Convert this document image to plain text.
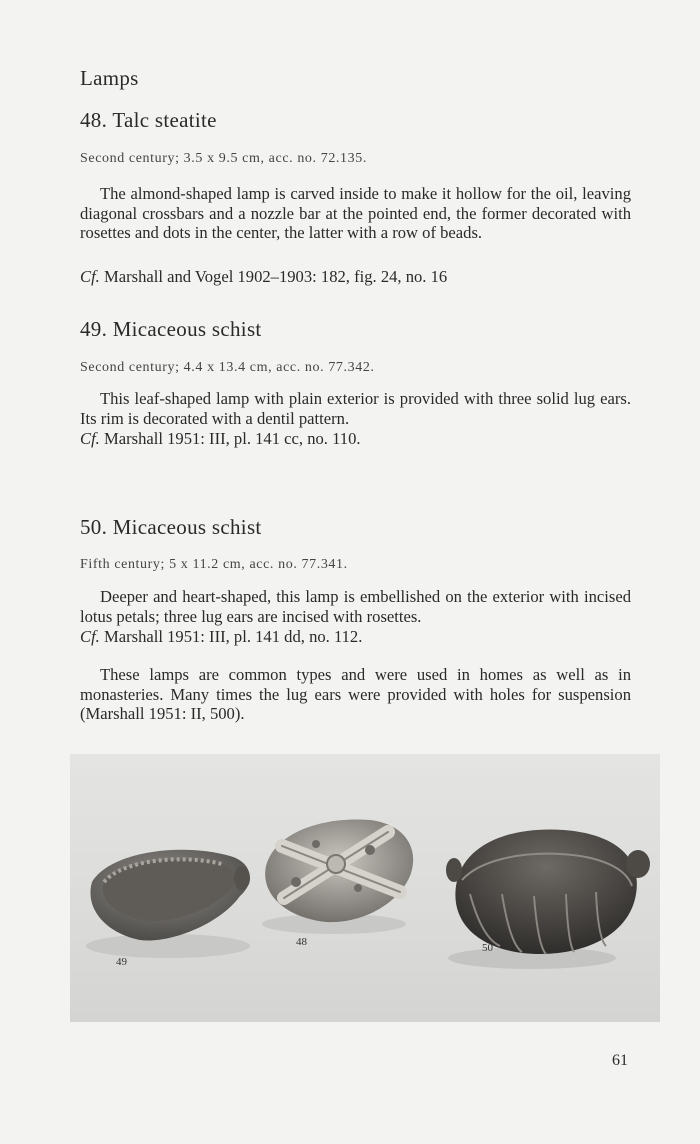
Lamps
48. Talc steatite
Second century; 3.5 x 9.5 cm, acc. no. 72.135.

The almond-shaped lamp is carved inside to make it hollow for the oil, leaving diagonal crossbars and a nozzle bar at the pointed end, the former decorated with rosettes and dots in the center, the latter with a row of beads.

Cf. Marshall and Vogel 1902–1903: 182, fig. 24, no. 16
49. Micaceous schist
Second century; 4.4 x 13.4 cm, acc. no. 77.342.

This leaf-shaped lamp with plain exterior is provided with three solid lug ears. Its rim is decorated with a dentil pattern.

Cf. Marshall 1951: III, pl. 141 cc, no. 110.
50. Micaceous schist
Fifth century; 5 x 11.2 cm, acc. no. 77.341.

Deeper and heart-shaped, this lamp is embellished on the exterior with incised lotus petals; three lug ears are incised with rosettes.

Cf. Marshall 1951: III, pl. 141 dd, no. 112.

These lamps are common types and were used in homes as well as in monasteries. Many times the lug ears were provided with holes for suspension (Marshall 1951: II, 500).

49
48	50
61
